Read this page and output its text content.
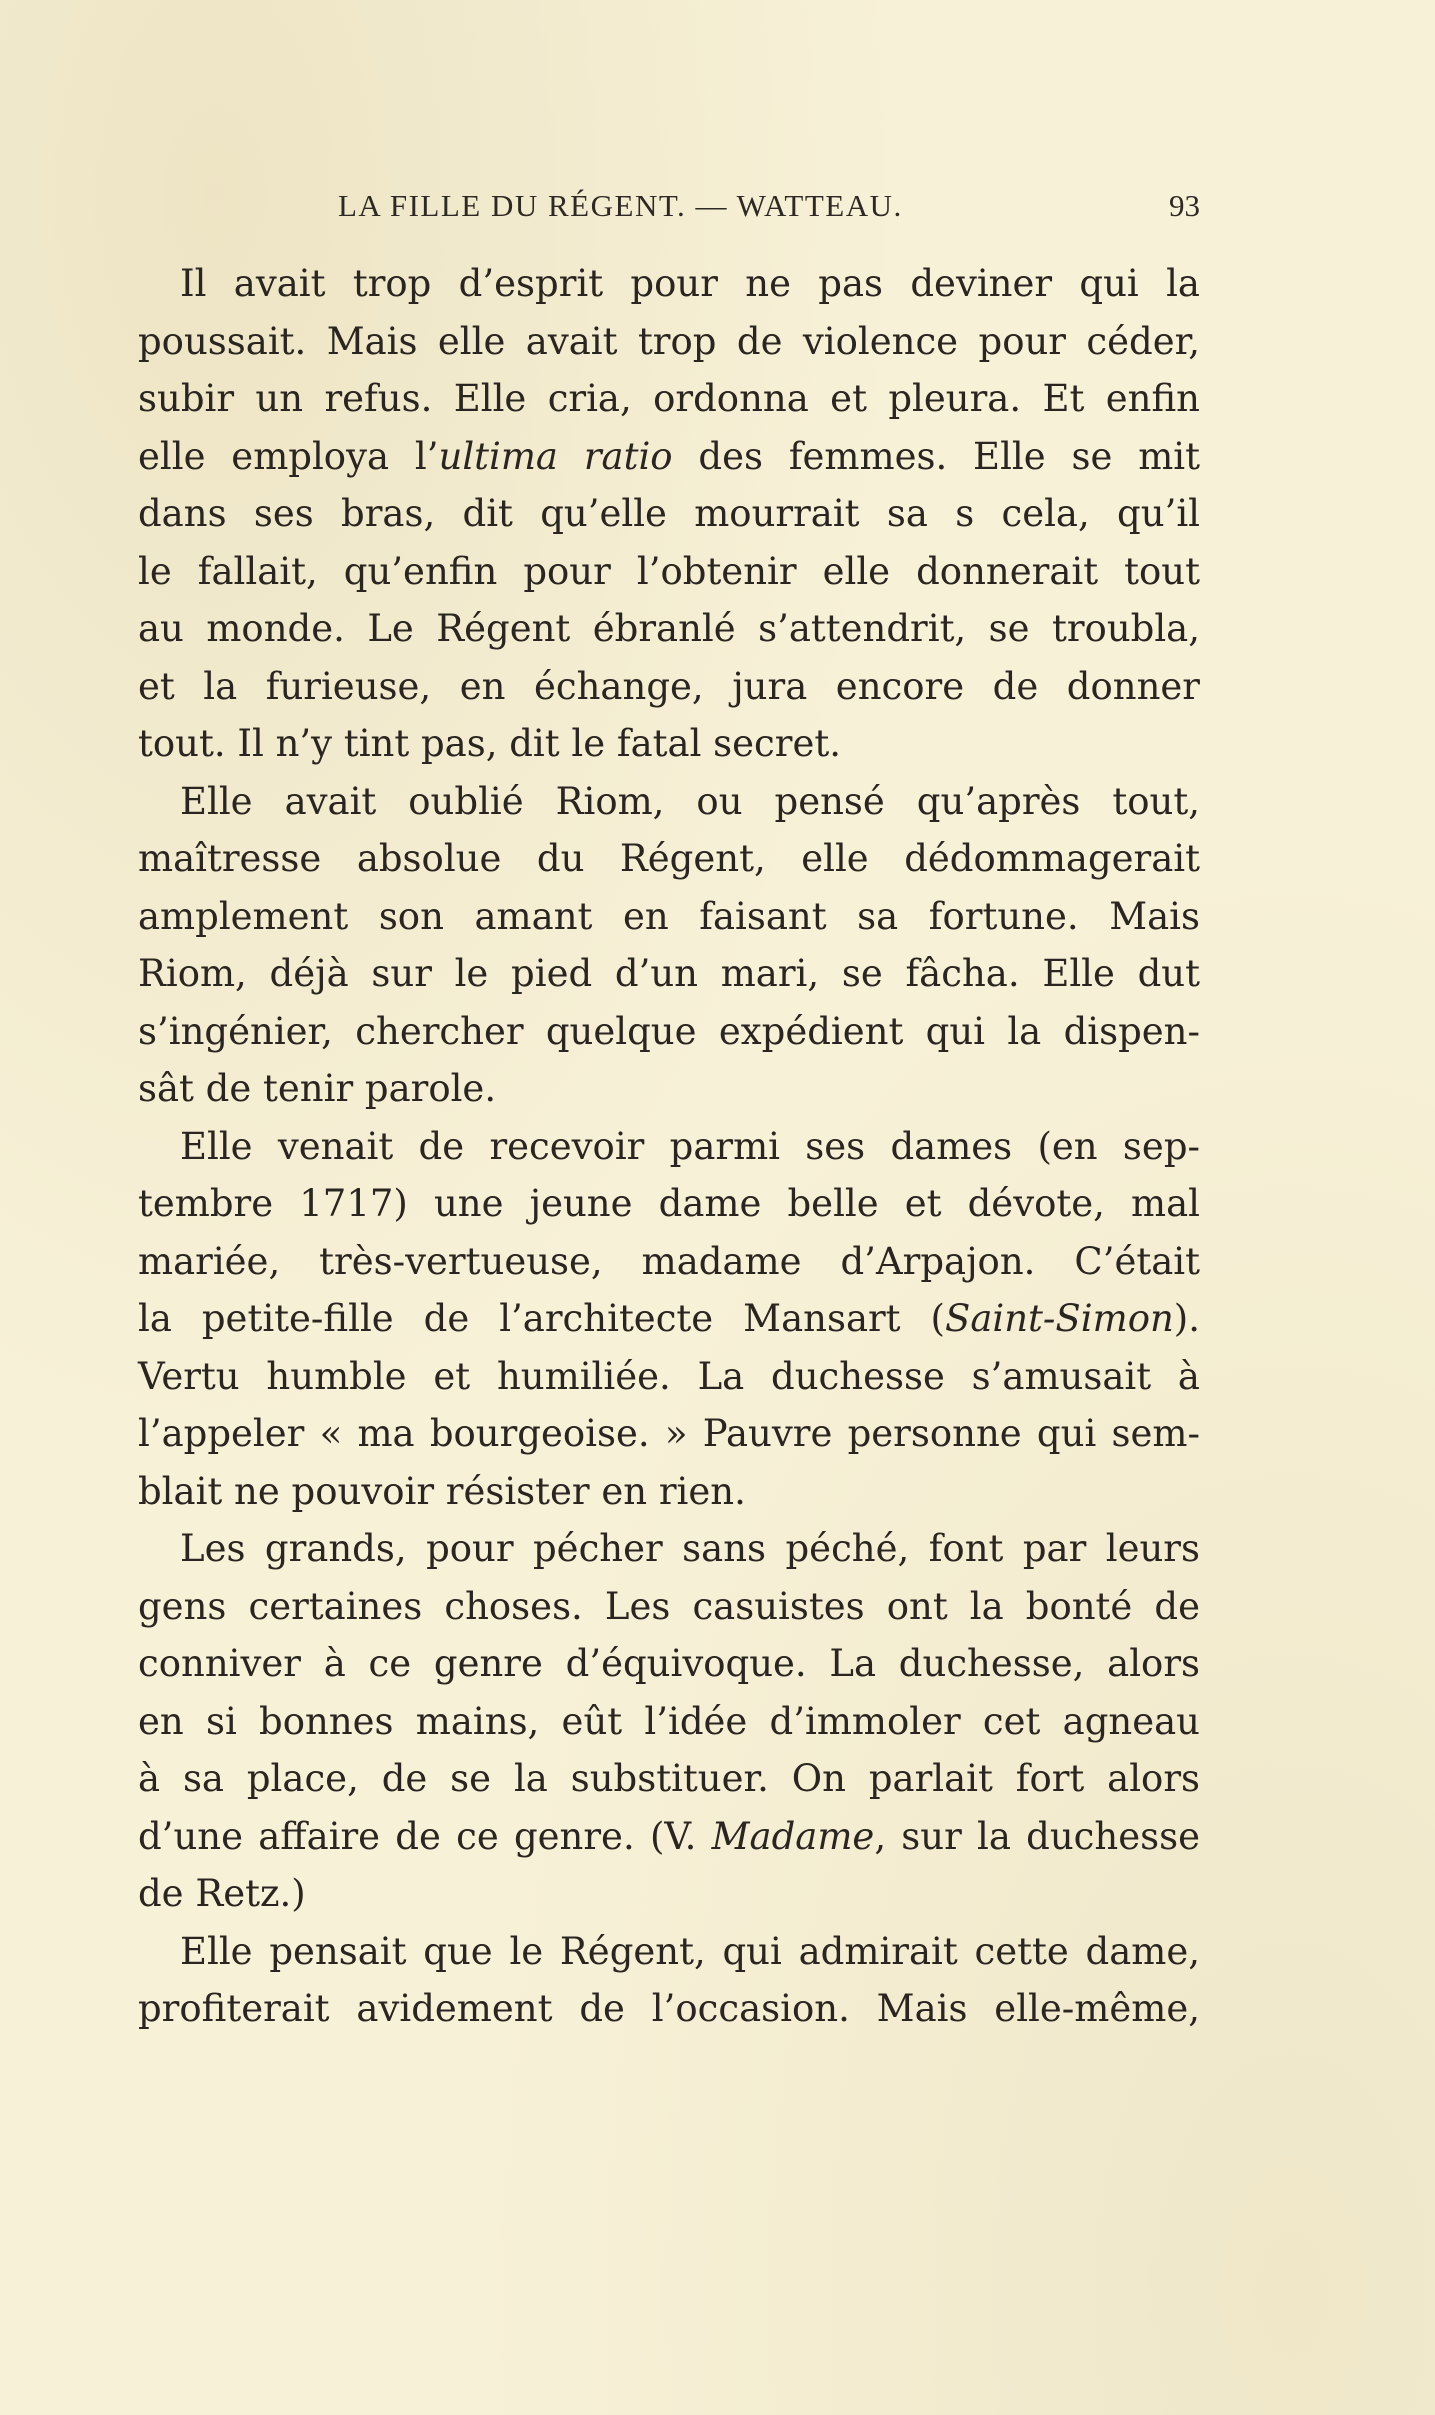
LA FILLE DU RÉGENT. — WATTEAU.	93
Il avait trop d’esprit pour ne pas deviner qui la
poussait. Mais elle avait trop de violence pour céder,
subir un refus. Elle cria, ordonna et pleura. Et enfin
elle employa l’ultima ratio des femmes. Elle se mit
dans ses bras, dit qu’elle mourrait sa s cela, qu’il
le fallait, qu’enfin pour l’obtenir elle donnerait tout
au monde. Le Régent ébranlé s’attendrit, se troubla,
et la furieuse, en échange, jura encore de donner
tout. Il n’y tint pas, dit le fatal secret.
Elle avait oublié Riom, ou pensé qu’après tout,
maîtresse absolue du Régent, elle dédommagerait
amplement son amant en faisant sa fortune. Mais
Riom, déjà sur le pied d’un mari, se fâcha. Elle dut
s’ingénier, chercher quelque expédient qui la dispen-
sât de tenir parole.
Elle venait de recevoir parmi ses dames (en sep-
tembre 1717) une jeune dame belle et dévote, mal
mariée, très-vertueuse, madame d’Arpajon. C’était
la petite-fille de l’architecte Mansart (Saint-Simon).
Vertu humble et humiliée. La duchesse s’amusait à
l’appeler « ma bourgeoise. » Pauvre personne qui sem-
blait ne pouvoir résister en rien.
Les grands, pour pécher sans péché, font par leurs
gens certaines choses. Les casuistes ont la bonté de
conniver à ce genre d’équivoque. La duchesse, alors
en si bonnes mains, eût l’idée d’immoler cet agneau
à sa place, de se la substituer. On parlait fort alors
d’une affaire de ce genre. (V. Madame, sur la duchesse
de Retz.)
Elle pensait que le Régent, qui admirait cette dame,
profiterait avidement de l’occasion. Mais elle-même,
